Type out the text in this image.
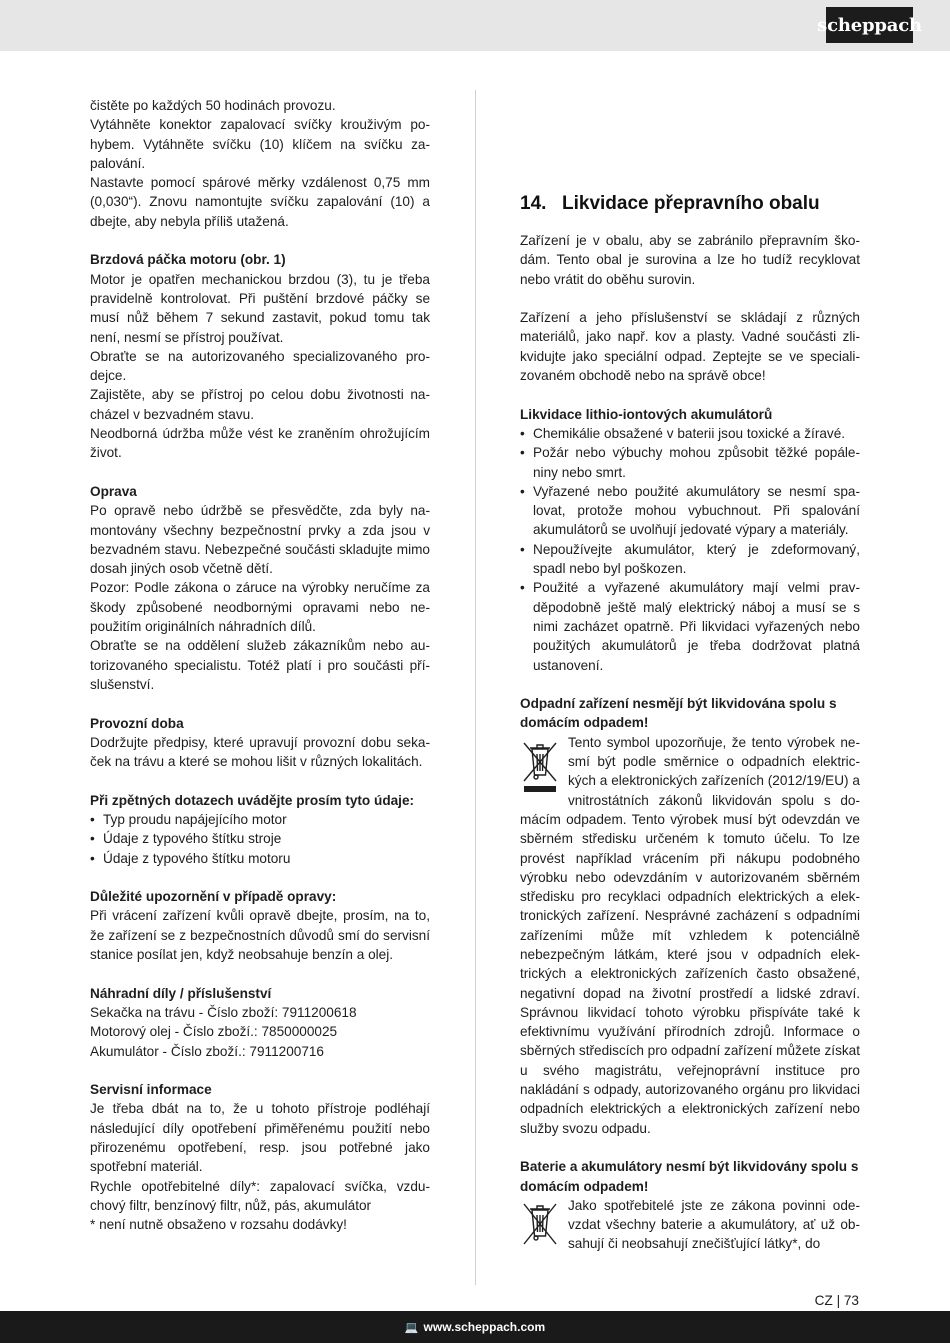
scheppach

čistěte po každých 50 hodinách provozu.

Vytáhněte konektor zapalovací svíčky krouživým pohybem. Vytáhněte svíčku (10) klíčem na svíčku zapalování.

Nastavte pomocí spárové měrky vzdálenost 0,75 mm (0,030“). Znovu namontujte svíčku zapalování (10) a dbejte, aby nebyla příliš utažená.

Brzdová páčka motoru (obr. 1)

Motor je opatřen mechanickou brzdou (3), tu je třeba pravidelně kontrolovat. Při puštění brzdové páčky se musí nůž během 7 sekund zastavit, pokud tomu tak není, nesmí se přístroj používat.

Obraťte se na autorizovaného specializovaného prodejce.

Zajistěte, aby se přístroj po celou dobu životnosti nacházel v bezvadném stavu.

Neodborná údržba může vést ke zraněním ohrožujícím život.

Oprava

Po opravě nebo údržbě se přesvědčte, zda byly namontovány všechny bezpečnostní prvky a zda jsou v bezvadném stavu. Nebezpečné součásti skladujte mimo dosah jiných osob včetně dětí.

Pozor: Podle zákona o záruce na výrobky neručíme za škody způsobené neodbornými opravami nebo nepoužitím originálních náhradních dílů.

Obraťte se na oddělení služeb zákazníkům nebo autorizovaného specialistu. Totéž platí i pro součásti příslušenství.

Provozní doba

Dodržujte předpisy, které upravují provozní dobu sekaček na trávu a které se mohou lišit v různých lokalitách.

Při zpětných dotazech uvádějte prosím tyto údaje:
• Typ proudu napájejícího motor
• Údaje z typového štítku stroje
• Údaje z typového štítku motoru
Důležité upozornění v případě opravy:

Při vrácení zařízení kvůli opravě dbejte, prosím, na to, že zařízení se z bezpečnostních důvodů smí do servisní stanice posílat jen, když neobsahuje benzín a olej.

Náhradní díly / příslušenství

Sekačka na trávu - Číslo zboží: 7911200618

Motorový olej - Číslo zboží.: 7850000025

Akumulátor - Číslo zboží.: 7911200716

Servisní informace

Je třeba dbát na to, že u tohoto přístroje podléhají následující díly opotřebení přiměřenému použití nebo přirozenému opotřebení, resp. jsou potřebné jako spotřební materiál.

Rychle opotřebitelné díly*: zapalovací svíčka, vzduchový filtr, benzínový filtr, nůž, pás, akumulátor

* není nutně obsaženo v rozsahu dodávky!

14. Likvidace přepravního obalu

Zařízení je v obalu, aby se zabránilo přepravním škodám. Tento obal je surovina a lze ho tudíž recyklovat nebo vrátit do oběhu surovin.

Zařízení a jeho příslušenství se skládají z různých materiálů, jako např. kov a plasty. Vadné součásti zlikvidujte jako speciální odpad. Zeptejte se ve specializovaném obchodě nebo na správě obce!

Likvidace lithio-iontových akumulátorů
• Chemikálie obsažené v baterii jsou toxické a žíravé.
• Požár nebo výbuchy mohou způsobit těžké popáleniny nebo smrt.
• Vyřazené nebo použité akumulátory se nesmí spalovat, protože mohou vybuchnout. Při spalování akumulátorů se uvolňují jedovaté výpary a materiály.
• Nepoužívejte akumulátor, který je zdeformovaný, spadl nebo byl poškozen.
• Použité a vyřazené akumulátory mají velmi pravděpodobně ještě malý elektrický náboj a musí se s nimi zacházet opatrně. Při likvidaci vyřazených nebo použitých akumulátorů je třeba dodržovat platná ustanovení.
Odpadní zařízení nesmějí být likvidována spolu s domácím odpadem!

Tento symbol upozorňuje, že tento výrobek nesmí být podle směrnice o odpadních elektrických a elektronických zařízeních (2012/19/EU) a vnitrostátních zákonů likvidován spolu s domácím odpadem. Tento výrobek musí být odevzdán ve sběrném středisku určeném k tomuto účelu. To lze provést například vrácením při nákupu podobného výrobku nebo odevzdáním v autorizovaném sběrném středisku pro recyklaci odpadních elektrických a elektronických zařízení. Nesprávné zacházení s odpadními zařízeními může mít vzhledem k potenciálně nebezpečným látkám, které jsou v odpadních elektrických a elektronických zařízeních často obsažené, negativní dopad na životní prostředí a lidské zdraví. Správnou likvidací tohoto výrobku přispíváte také k efektivnímu využívání přírodních zdrojů. Informace o sběrných střediscích pro odpadní zařízení můžete získat u svého magistrátu, veřejnoprávní instituce pro nakládání s odpady, autorizovaného orgánu pro likvidaci odpadních elektrických a elektronických zařízení nebo služby svozu odpadu.

Baterie a akumulátory nesmí být likvidovány spolu s domácím odpadem!

Jako spotřebitelé jste ze zákona povinni odevzdat všechny baterie a akumulátory, ať už obsahují či neobsahují znečišťující látky*, do

CZ | 73
💻 www.scheppach.com
